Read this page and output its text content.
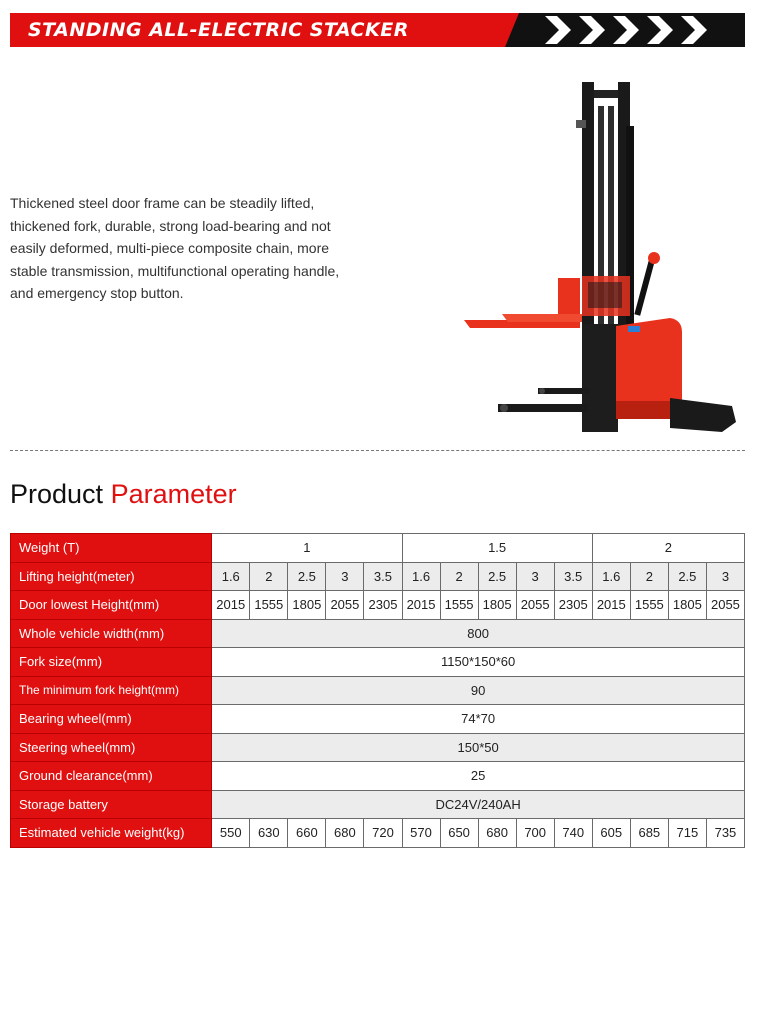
STANDING ALL-ELECTRIC STACKER
Thickened steel door frame can be steadily lifted, thickened fork, durable, strong load-bearing and not easily deformed, multi-piece composite chain, more stable transmission, multifunctional operating handle, and emergency stop button.
Product Parameter
Weight (T)	1					1.5					2			
Lifting height(meter)	1.6	2	2.5	3	3.5	1.6	2	2.5	3	3.5	1.6	2	2.5	3
Door lowest Height(mm)	2015	1555	1805	2055	2305	2015	1555	1805	2055	2305	2015	1555	1805	2055
Whole vehicle width(mm)	800													
Fork size(mm)	1150*150*60													
The minimum fork height(mm)	90													
Bearing wheel(mm)	74*70													
Steering wheel(mm)	150*50													
Ground clearance(mm)	25													
Storage battery	DC24V/240AH													
Estimated vehicle weight(kg)	550	630	660	680	720	570	650	680	700	740	605	685	715	735
